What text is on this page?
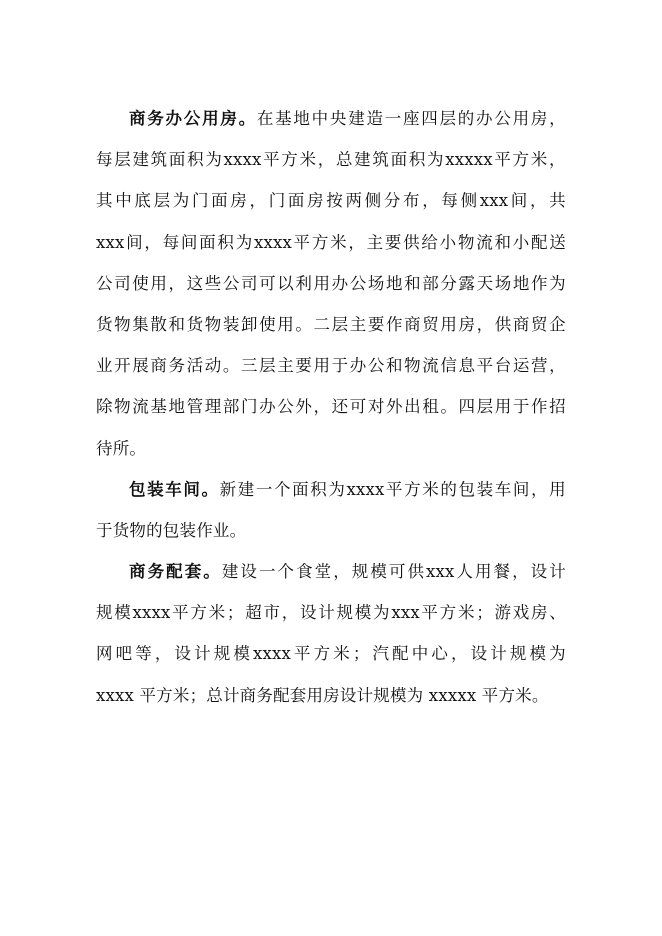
商 务 办 公 用 房 。 在 基 地 中 央 建 造 一 座 四 层 的 办 公 用 房 ，
每 层 建 筑 面 积 为 xxxx 平 方 米 ， 总 建 筑 面 积 为 xxxxx 平 方 米 ，
其 中 底 层 为 门 面 房 ， 门 面 房 按 两 侧 分 布 ， 每 侧 xxx 间 ， 共
xxx 间 ， 每 间 面 积 为 xxxx 平 方 米 ， 主 要 供 给 小 物 流 和 小 配 送
公 司 使 用 ， 这 些 公 司 可 以 利 用 办 公 场 地 和 部 分 露 天 场 地 作 为
货 物 集 散 和 货 物 装 卸 使 用 。 二 层 主 要 作 商 贸 用 房 ， 供 商 贸 企
业 开 展 商 务 活 动 。 三 层 主 要 用 于 办 公 和 物 流 信 息 平 台 运 营 ，
除 物 流 基 地 管 理 部 门 办 公 外 ， 还 可 对 外 出 租 。 四 层 用 于 作 招
待所。
包 装 车 间 。 新 建 一 个 面 积 为 xxxx 平 方 米 的 包 装 车 间 ， 用
于货物的包装作业。
商 务 配 套 。 建 设 一 个 食 堂 ， 规 模 可 供 xxx 人 用 餐 ， 设 计
规 模 xxxx 平 方 米 ； 超 市 ， 设 计 规 模 为 xxx 平 方 米 ； 游 戏 房 、
网 吧 等 ， 设 计 规 模 xxxx 平 方 米 ； 汽 配 中 心 ， 设 计 规 模 为
xxxx 平方米；总计商务配套用房设计规模为 xxxxx 平方米。
